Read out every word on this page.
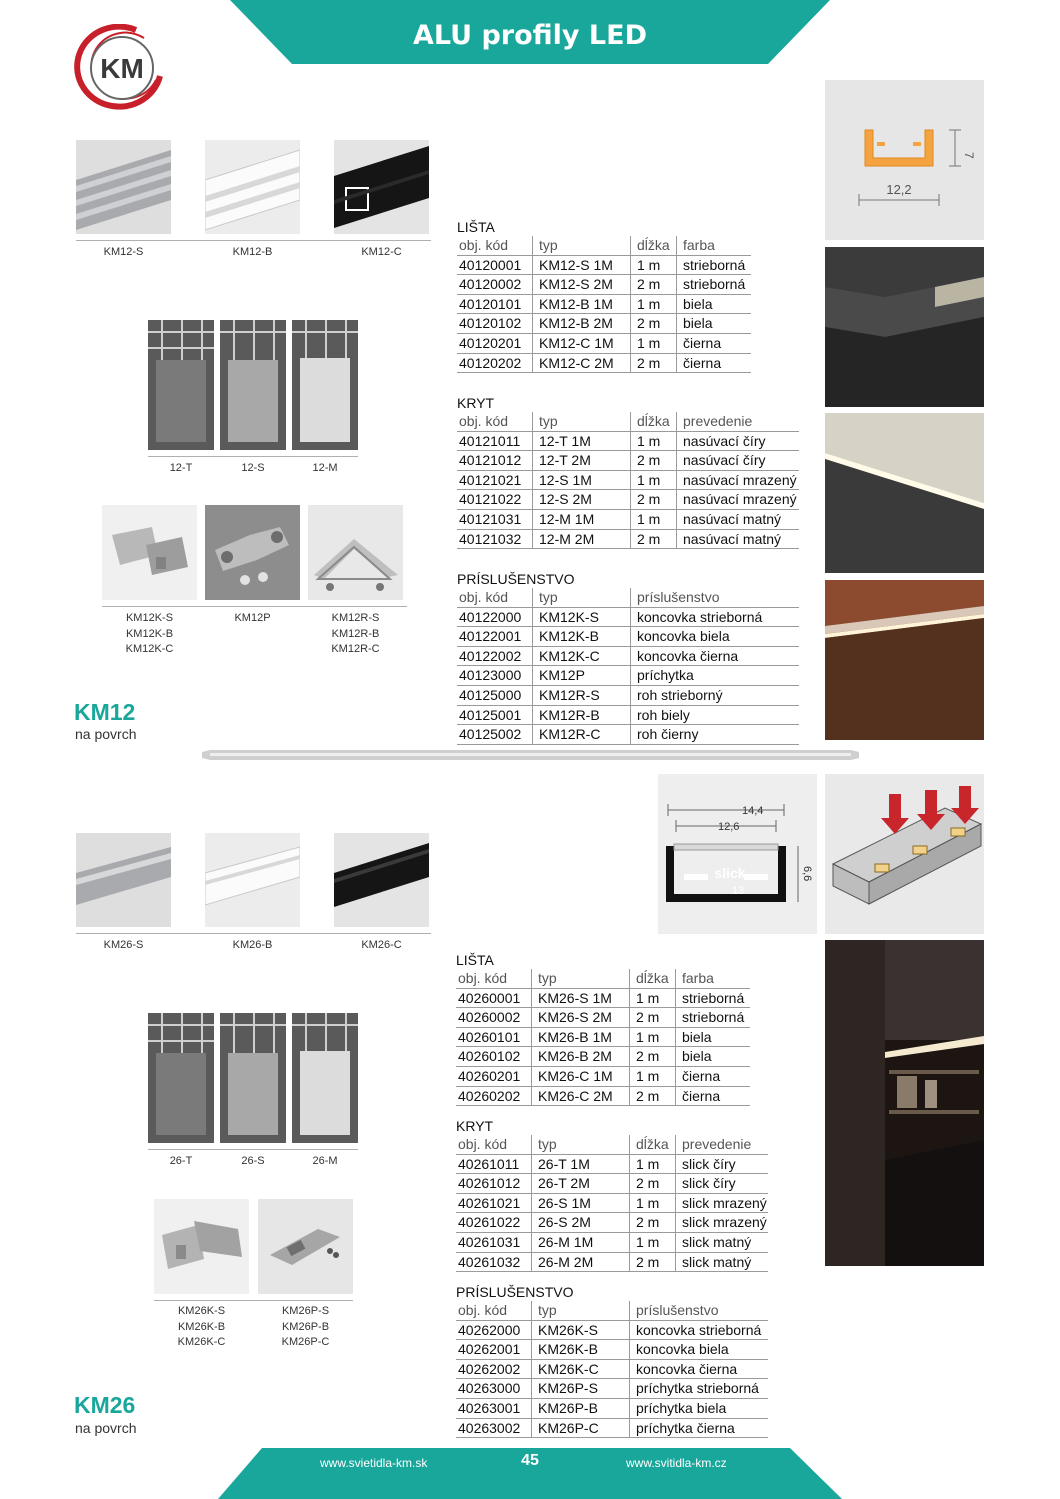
ALU profily LED
KM
KM12-S	KM12-B	KM12-C
12-T	12-S	12-M
KM12K-S
KM12K-B
KM12K-C
KM12P	KM12R-S
KM12R-B
KM12R-C
KM12
na povrch
LIŠTA
obj. kód	typ	dĺžka farba
40120001	KM12-S 1M	1 m	strieborná
40120002	KM12-S 2M	2 m	strieborná
40120101	KM12-B 1M	1 m	biela
40120102	KM12-B 2M	2 m	biela
40120201	KM12-C 1M	1 m	čierna
40120202	KM12-C 2M	2 m	čierna
KRYT
obj. kód	typ	dĺžka prevedenie
40121011	12-T 1M	1 m	nasúvací číry
40121012	12-T 2M	2 m	nasúvací číry
40121021	12-S 1M	1 m	nasúvací mrazený
40121022	12-S 2M	2 m	nasúvací mrazený
40121031	12-M 1M	1 m	nasúvací matný
40121032	12-M 2M	2 m	nasúvací matný
PRÍSLUŠENSTVO
obj. kód	typ	príslušenstvo
40122000	KM12K-S	koncovka strieborná
40122001	KM12K-B	koncovka biela
40122002	KM12K-C	koncovka čierna
40123000	KM12P	príchytka
40125000	KM12R-S	roh strieborný
40125001	KM12R-B	roh biely
40125002	KM12R-C	roh čierny
7
12,2
KM26-S	KM26-B	KM26-C
26-T	26-S	26-M
KM26K-S
KM26K-B
KM26K-C
KM26P-S
KM26P-B
KM26P-C
KM26
na povrch
LIŠTA
obj. kód	typ	dĺžka farba
40260001	KM26-S 1M	1 m	strieborná
40260002	KM26-S 2M	2 m	strieborná
40260101	KM26-B 1M	1 m	biela
40260102	KM26-B 2M	2 m	biela
40260201	KM26-C 1M	1 m	čierna
40260202	KM26-C 2M	2 m	čierna
KRYT
obj. kód	typ	dĺžka prevedenie
40261011	26-T 1M	1 m	slick číry
40261012	26-T 2M	2 m	slick číry
40261021	26-S 1M	1 m	slick mrazený
40261022	26-S 2M	2 m	slick mrazený
40261031	26-M 1M	1 m	slick matný
40261032	26-M 2M	2 m	slick matný
PRÍSLUŠENSTVO
obj. kód	typ	príslušenstvo
40262000	KM26K-S	koncovka strieborná
40262001	KM26K-B	koncovka biela
40262002	KM26K-C	koncovka čierna
40263000	KM26P-S	príchytka strieborná
40263001	KM26P-B	príchytka biela
40263002	KM26P-C	príchytka čierna
14,4
12,6
slick
13
6,6
www.svietidla-km.sk	45	www.svitidla-km.cz
